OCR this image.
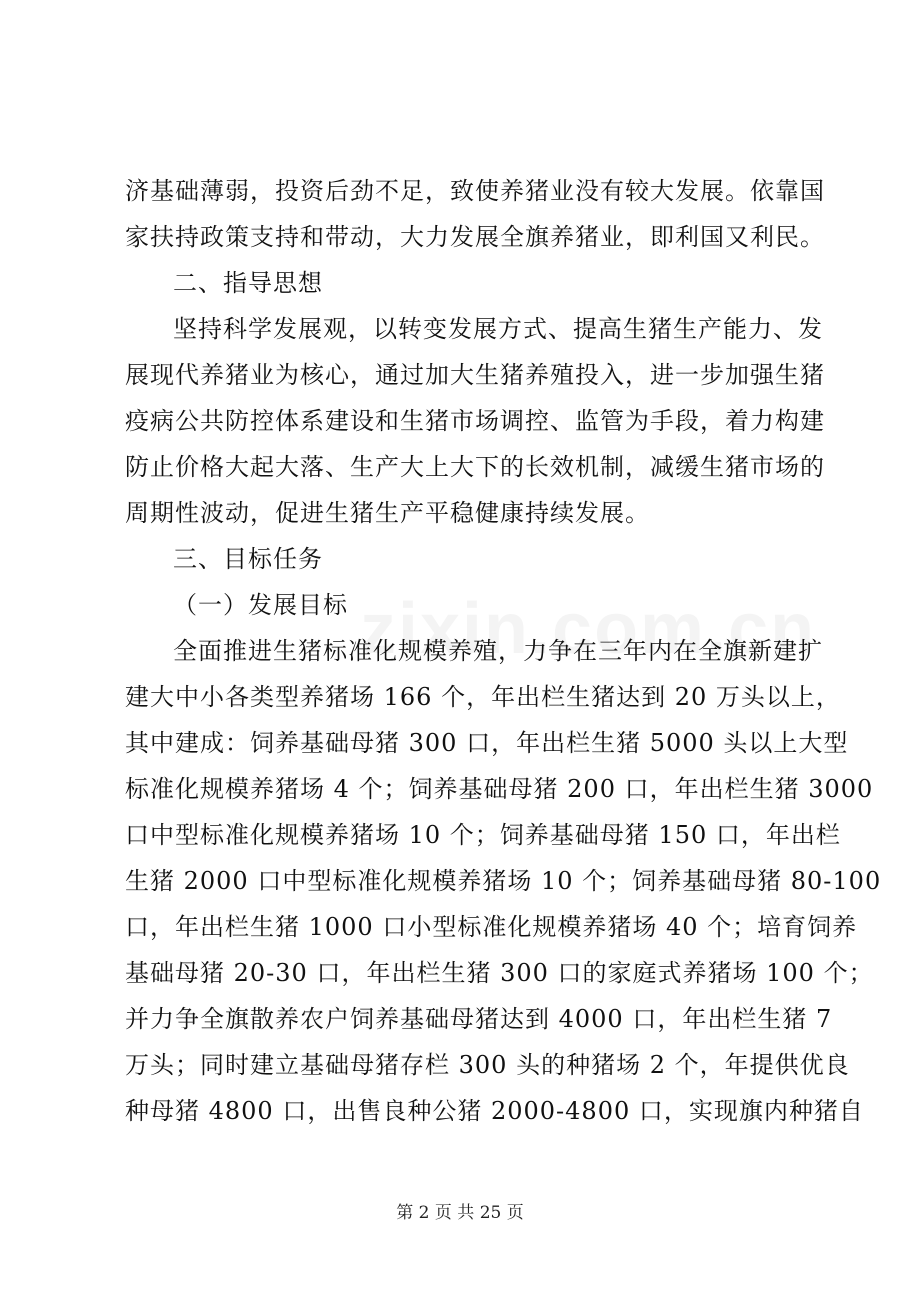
济基础薄弱，投资后劲不足，致使养猪业没有较大发展。依靠国
家扶持政策支持和带动，大力发展全旗养猪业，即利国又利民。
二、指导思想
坚持科学发展观，以转变发展方式、提高生猪生产能力、发
展现代养猪业为核心，通过加大生猪养殖投入，进一步加强生猪
疫病公共防控体系建设和生猪市场调控、监管为手段，着力构建
防止价格大起大落、生产大上大下的长效机制，减缓生猪市场的
周期性波动，促进生猪生产平稳健康持续发展。
三、目标任务
（一）发展目标
全面推进生猪标准化规模养殖，力争在三年内在全旗新建扩
建大中小各类型养猪场 166 个，年出栏生猪达到 20 万头以上，
其中建成：饲养基础母猪 300 口，年出栏生猪 5000 头以上大型
标准化规模养猪场 4 个；饲养基础母猪 200 口，年出栏生猪 3000
口中型标准化规模养猪场 10 个；饲养基础母猪 150 口，年出栏
生猪 2000 口中型标准化规模养猪场 10 个；饲养基础母猪 80-100
口，年出栏生猪 1000 口小型标准化规模养猪场 40 个；培育饲养
基础母猪 20-30 口，年出栏生猪 300 口的家庭式养猪场 100 个；
并力争全旗散养农户饲养基础母猪达到 4000 口，年出栏生猪 7
万头；同时建立基础母猪存栏 300 头的种猪场 2 个，年提供优良
种母猪 4800 口，出售良种公猪 2000-4800 口，实现旗内种猪自
第 2 页 共 25 页
